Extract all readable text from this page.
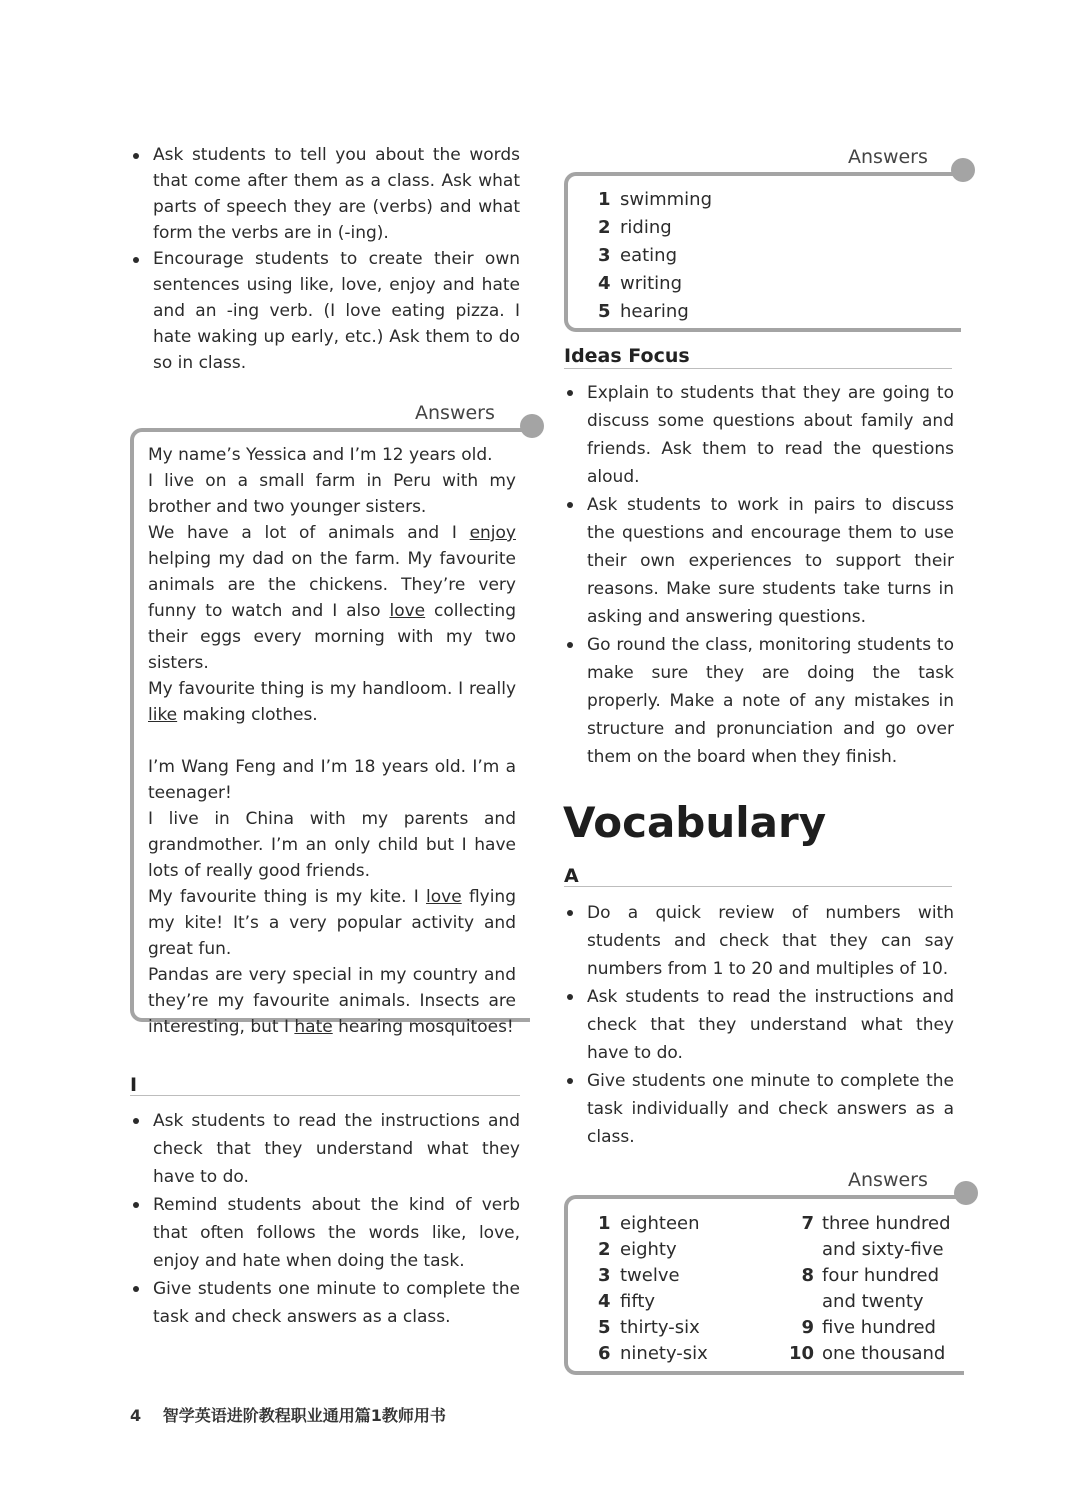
Ask students to tell you about the words that come after them as a class. Ask what parts of speech they are (verbs) and what form the verbs are in (-ing).
Encourage students to create their own sentences using like, love, enjoy and hate and an -ing verb. (I love eating pizza. I hate waking up early, etc.) Ask them to do so in class.
Answers

My name’s Yessica and I’m 12 years old.

I live on a small farm in Peru with my brother and two younger sisters.

We have a lot of animals and I enjoy helping my dad on the farm. My favourite animals are the chickens. They’re very funny to watch and I also love collecting their eggs every morning with my two sisters.

My favourite thing is my handloom. I really like making clothes.

I’m Wang Feng and I’m 18 years old. I’m a teenager!

I live in China with my parents and grandmother. I’m an only child but I have lots of really good friends.

My favourite thing is my kite. I love flying my kite! It’s a very popular activity and great fun.

Pandas are very special in my country and they’re my favourite animals. Insects are interesting, but I hate hearing mosquitoes!

I
Ask students to read the instructions and check that they understand what they have to do.
Remind students about the kind of verb that often follows the words like, love, enjoy and hate when doing the task.
Give students one minute to complete the task and check answers as a class.
Answers
1 swimming
2 riding
3 eating
4 writing
5 hearing
Ideas Focus
Explain to students that they are going to discuss some questions about family and friends. Ask them to read the questions aloud.
Ask students to work in pairs to discuss the questions and encourage them to use their own experiences to support their reasons. Make sure students take turns in asking and answering questions.
Go round the class, monitoring students to make sure they are doing the task properly. Make a note of any mistakes in structure and pronunciation and go over them on the board when they finish.
Vocabulary
A
Do a quick review of numbers with students and check that they can say numbers from 1 to 20 and multiples of 10.
Ask students to read the instructions and check that they understand what they have to do.
Give students one minute to complete the task individually and check answers as a class.
Answers
1 eighteen
2 eighty
3 twelve
4 fifty
5 thirty-six
6 ninety-six
7 three hundred
and sixty-five
8 four hundred
and twenty
9 five hundred
10 one thousand
4 智学英语进阶教程职业通用篇1教师用书
